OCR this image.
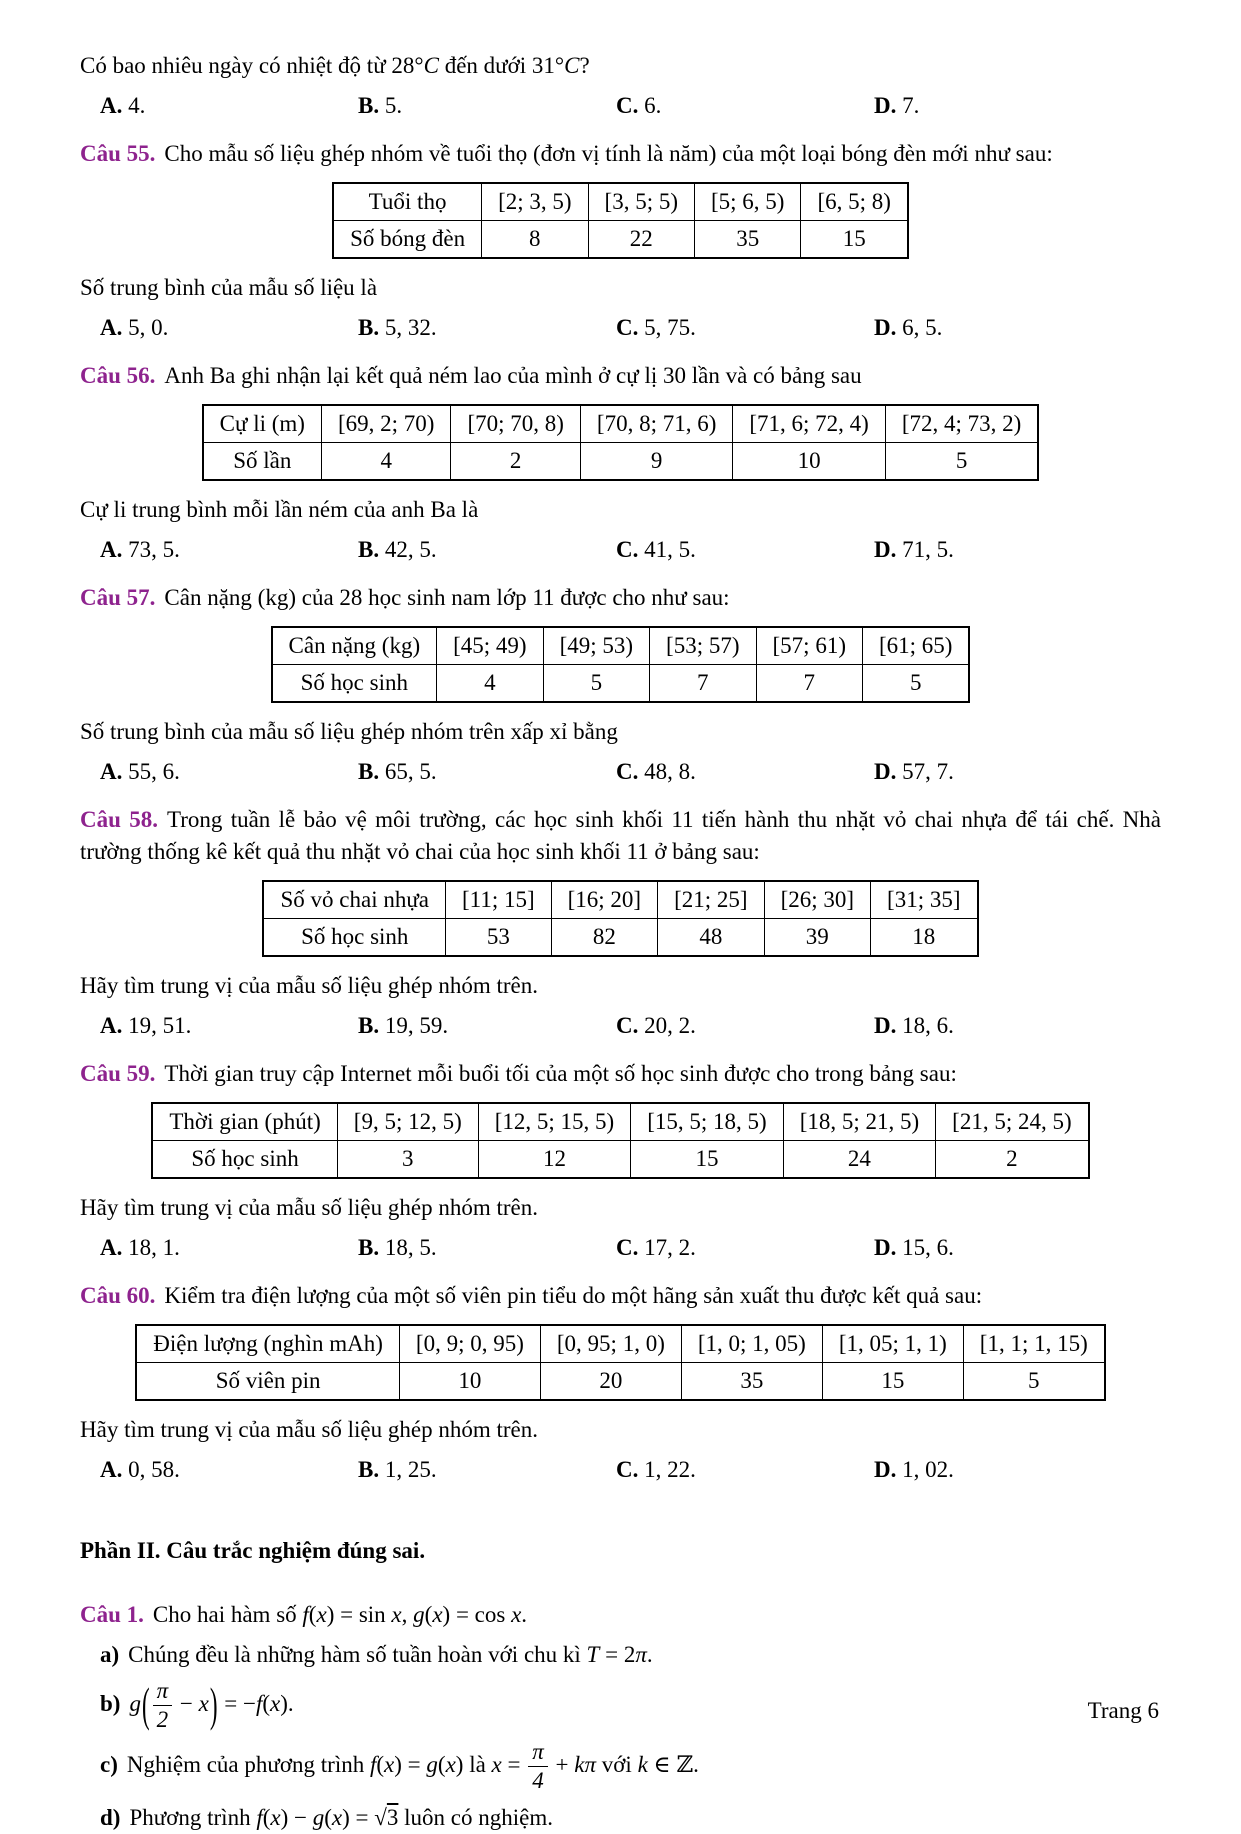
Có bao nhiêu ngày có nhiệt độ từ 28°C đến dưới 31°C?

A. 4.	B. 5.	C. 6.	D. 7.

Câu 55. Cho mẫu số liệu ghép nhóm về tuổi thọ (đơn vị tính là năm) của một loại bóng đèn mới như sau:

Tuổi thọ	[2; 3, 5)	[3, 5; 5)	[5; 6, 5)	[6, 5; 8)
Số bóng đèn	8	22	35	15

Số trung bình của mẫu số liệu là

A. 5, 0.	B. 5, 32.	C. 5, 75.	D. 6, 5.

Câu 56. Anh Ba ghi nhận lại kết quả ném lao của mình ở cự lị 30 lần và có bảng sau

Cự li (m)	[69, 2; 70)	[70; 70, 8)	[70, 8; 71, 6)	[71, 6; 72, 4)	[72, 4; 73, 2)
Số lần	4	2	9	10	5

Cự li trung bình mỗi lần ném của anh Ba là

A. 73, 5.	B. 42, 5.	C. 41, 5.	D. 71, 5.

Câu 57. Cân nặng (kg) của 28 học sinh nam lớp 11 được cho như sau:

Cân nặng (kg)	[45; 49)	[49; 53)	[53; 57)	[57; 61)	[61; 65)
Số học sinh	4	5	7	7	5

Số trung bình của mẫu số liệu ghép nhóm trên xấp xỉ bằng

A. 55, 6.	B. 65, 5.	C. 48, 8.	D. 57, 7.

Câu 58. Trong tuần lễ bảo vệ môi trường, các học sinh khối 11 tiến hành thu nhặt vỏ chai nhựa để tái chế. Nhà trường thống kê kết quả thu nhặt vỏ chai của học sinh khối 11 ở bảng sau:

Số vỏ chai nhựa	[11; 15]	[16; 20]	[21; 25]	[26; 30]	[31; 35]
Số học sinh	53	82	48	39	18

Hãy tìm trung vị của mẫu số liệu ghép nhóm trên.

A. 19, 51.	B. 19, 59.	C. 20, 2.	D. 18, 6.

Câu 59. Thời gian truy cập Internet mỗi buổi tối của một số học sinh được cho trong bảng sau:

Thời gian (phút)	[9, 5; 12, 5)	[12, 5; 15, 5)	[15, 5; 18, 5)	[18, 5; 21, 5)	[21, 5; 24, 5)
Số học sinh	3	12	15	24	2

Hãy tìm trung vị của mẫu số liệu ghép nhóm trên.

A. 18, 1.	B. 18, 5.	C. 17, 2.	D. 15, 6.

Câu 60. Kiểm tra điện lượng của một số viên pin tiểu do một hãng sản xuất thu được kết quả sau:

Điện lượng (nghìn mAh)	[0, 9; 0, 95)	[0, 95; 1, 0)	[1, 0; 1, 05)	[1, 05; 1, 1)	[1, 1; 1, 15)
Số viên pin	10	20	35	15	5

Hãy tìm trung vị của mẫu số liệu ghép nhóm trên.

A. 0, 58.	B. 1, 25.	C. 1, 22.	D. 1, 02.

Phần II. Câu trắc nghiệm đúng sai.

Câu 1. Cho hai hàm số f(x) = sin x, g(x) = cos x.

a) Chúng đều là những hàm số tuần hoàn với chu kì T = 2π.

b) $g( \frac{\pi}{2} - x) = -f(x)$.

c) Nghiệm của phương trình f(x) = g(x) là $x = \frac{\pi}{4} + k\pi$ với k ∈ ℤ.

d) Phương trình f(x) − g(x) = √3 luôn có nghiệm.

Trang 6
